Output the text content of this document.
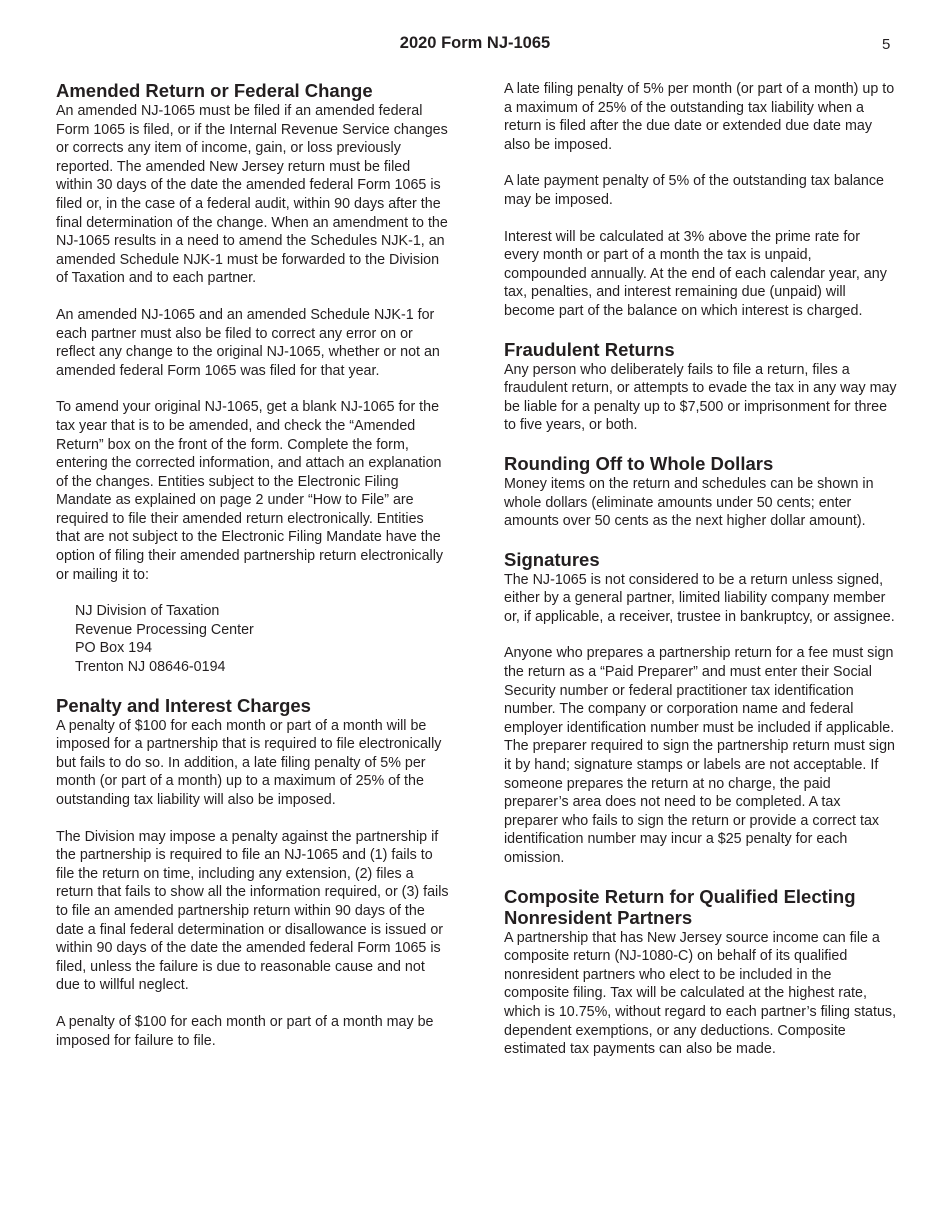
2020 Form NJ-1065	5
Amended Return or Federal Change

An amended NJ-1065 must be filed if an amended federal Form 1065 is filed, or if the Internal Revenue Service changes or corrects any item of income, gain, or loss previously reported. The amended New Jersey return must be filed within 30 days of the date the amended federal Form 1065 is filed or, in the case of a federal audit, within 90 days after the final determination of the change. When an amendment to the NJ-1065 results in a need to amend the Schedules NJK-1, an amended Schedule NJK-1 must be forwarded to the Division of Taxation and to each partner.

An amended NJ-1065 and an amended Schedule NJK-1 for each partner must also be filed to correct any error on or reflect any change to the original NJ-1065, whether or not an amended federal Form 1065 was filed for that year.

To amend your original NJ-1065, get a blank NJ-1065 for the tax year that is to be amended, and check the “Amended Return” box on the front of the form. Complete the form, entering the corrected information, and attach an explanation of the changes. Entities subject to the Electronic Filing Mandate as explained on page 2 under “How to File” are required to file their amended return electronically. Entities that are not subject to the Electronic Filing Mandate have the option of filing their amended partnership return electronically or mailing it to:

NJ Division of Taxation
Revenue Processing Center
PO Box 194
Trenton NJ 08646-0194
Penalty and Interest Charges

A penalty of $100 for each month or part of a month will be imposed for a partnership that is required to file electronically but fails to do so. In addition, a late filing penalty of 5% per month (or part of a month) up to a maximum of 25% of the outstanding tax liability will also be imposed.

The Division may impose a penalty against the partnership if the partnership is required to file an NJ-1065 and (1) fails to file the return on time, including any extension, (2) files a return that fails to show all the information required, or (3) fails to file an amended partnership return within 90 days of the date a final federal determination or disallowance is issued or within 90 days of the date the amended federal Form 1065 is filed, unless the failure is due to reasonable cause and not due to willful neglect.

A penalty of $100 for each month or part of a month may be imposed for failure to file.

A late filing penalty of 5% per month (or part of a month) up to a maximum of 25% of the outstanding tax liability when a return is filed after the due date or extended due date may also be imposed.

A late payment penalty of 5% of the outstanding tax balance may be imposed.

Interest will be calculated at 3% above the prime rate for every month or part of a month the tax is unpaid, compounded annually. At the end of each calendar year, any tax, penalties, and interest remaining due (unpaid) will become part of the balance on which interest is charged.

Fraudulent Returns

Any person who deliberately fails to file a return, files a fraudulent return, or attempts to evade the tax in any way may be liable for a penalty up to $7,500 or imprisonment for three to five years, or both.

Rounding Off to Whole Dollars

Money items on the return and schedules can be shown in whole dollars (eliminate amounts under 50 cents; enter amounts over 50 cents as the next higher dollar amount).

Signatures

The NJ-1065 is not considered to be a return unless signed, either by a general partner, limited liability company member or, if applicable, a receiver, trustee in bankruptcy, or assignee.

Anyone who prepares a partnership return for a fee must sign the return as a “Paid Preparer” and must enter their Social Security number or federal practitioner tax identification number. The company or corporation name and federal employer identification number must be included if applicable. The preparer required to sign the partnership return must sign it by hand; signature stamps or labels are not acceptable. If someone prepares the return at no charge, the paid preparer’s area does not need to be completed. A tax preparer who fails to sign the return or provide a correct tax identification number may incur a $25 penalty for each omission.

Composite Return for Qualified Electing Nonresident Partners

A partnership that has New Jersey source income can file a composite return (NJ-1080-C) on behalf of its qualified nonresident partners who elect to be included in the composite filing. Tax will be calculated at the highest rate, which is 10.75%, without regard to each partner’s filing status, dependent exemptions, or any deductions. Composite estimated tax payments can also be made.
